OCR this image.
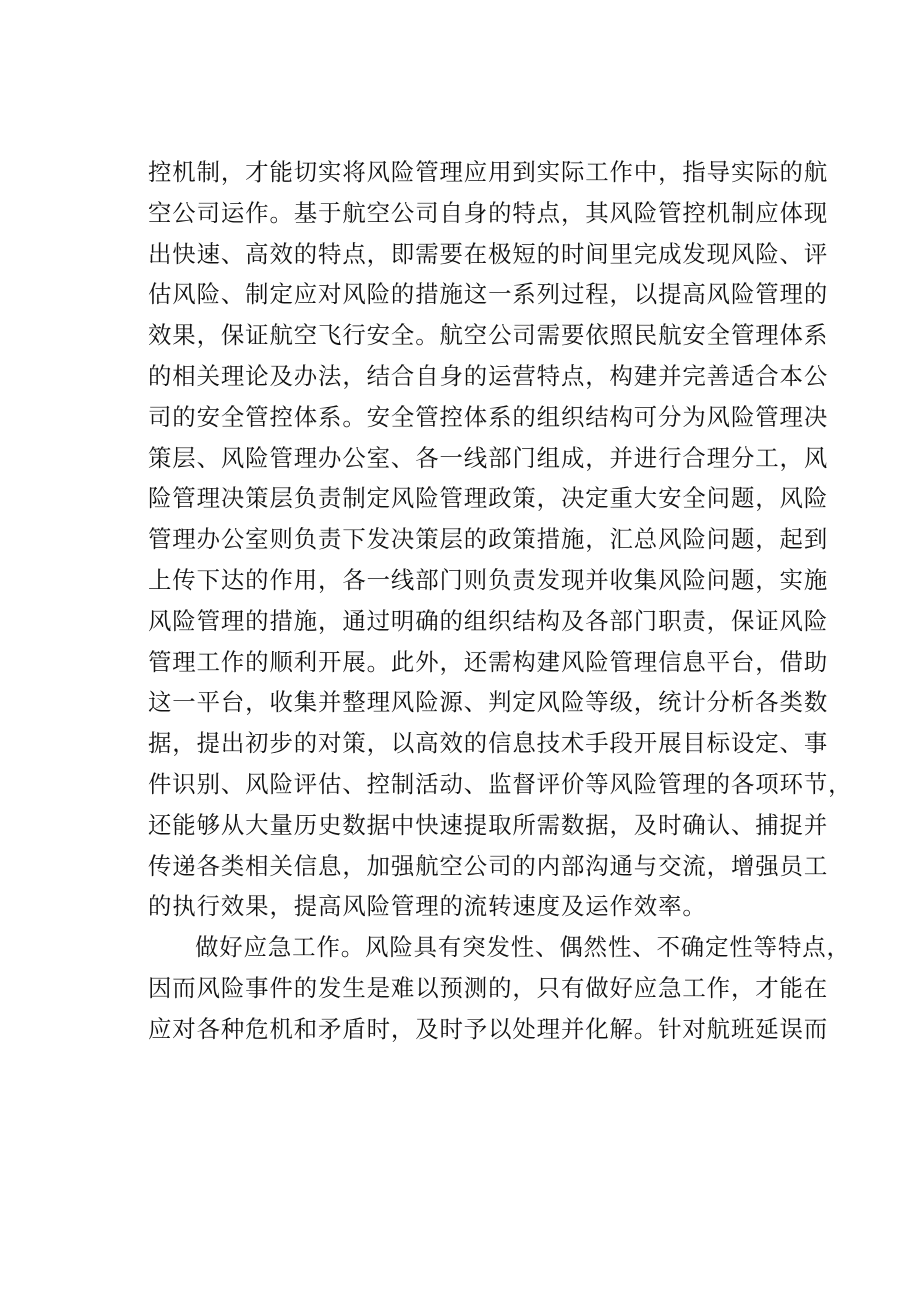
控机制，才能切实将风险管理应用到实际工作中，指导实际的航
空公司运作。基于航空公司自身的特点，其风险管控机制应体现
出快速、高效的特点，即需要在极短的时间里完成发现风险、评
估风险、制定应对风险的措施这一系列过程，以提高风险管理的
效果，保证航空飞行安全。航空公司需要依照民航安全管理体系
的相关理论及办法，结合自身的运营特点，构建并完善适合本公
司的安全管控体系。安全管控体系的组织结构可分为风险管理决
策层、风险管理办公室、各一线部门组成，并进行合理分工，风
险管理决策层负责制定风险管理政策，决定重大安全问题，风险
管理办公室则负责下发决策层的政策措施，汇总风险问题，起到
上传下达的作用，各一线部门则负责发现并收集风险问题，实施
风险管理的措施，通过明确的组织结构及各部门职责，保证风险
管理工作的顺利开展。此外，还需构建风险管理信息平台，借助
这一平台，收集并整理风险源、判定风险等级，统计分析各类数
据，提出初步的对策，以高效的信息技术手段开展目标设定、事
件识别、风险评估、控制活动、监督评价等风险管理的各项环节，
还能够从大量历史数据中快速提取所需数据，及时确认、捕捉并
传递各类相关信息，加强航空公司的内部沟通与交流，增强员工
的执行效果，提高风险管理的流转速度及运作效率。
做好应急工作。风险具有突发性、偶然性、不确定性等特点，
因而风险事件的发生是难以预测的，只有做好应急工作，才能在
应对各种危机和矛盾时，及时予以处理并化解。针对航班延误而
